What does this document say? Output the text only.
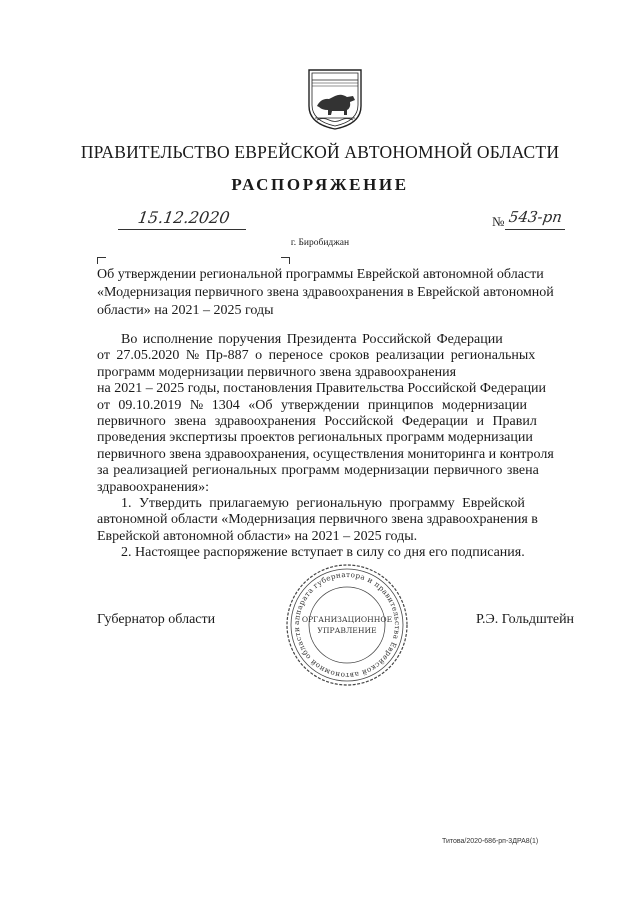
ПРАВИТЕЛЬСТВО ЕВРЕЙСКОЙ АВТОНОМНОЙ ОБЛАСТИ
РАСПОРЯЖЕНИЕ
15.12.2020	№ 543-рп
г. Биробиджан
Об утверждении региональной программы Еврейской автономной области
«Модернизация первичного звена здравоохранения в Еврейской автономной
области» на 2021 – 2025 годы
Во исполнение поручения Президента Российской Федерации
от 27.05.2020 № Пр-887 о переносе сроков реализации региональных
программ модернизации первичного звена здравоохранения
на 2021 – 2025 годы, постановления Правительства Российской Федерации
от 09.10.2019 № 1304 «Об утверждении принципов модернизации
первичного звена здравоохранения Российской Федерации и Правил
проведения экспертизы проектов региональных программ модернизации
первичного звена здравоохранения, осуществления мониторинга и контроля
за реализацией региональных программ модернизации первичного звена
здравоохранения»:
1. Утвердить прилагаемую региональную программу Еврейской
автономной области «Модернизация первичного звена здравоохранения в
Еврейской автономной области» на 2021 – 2025 годы.
2. Настоящее распоряжение вступает в силу со дня его подписания.
Губернатор области	Р.Э. Гольдштейн
аппарата губернатора и правительства Еврейской автономной области
ОРГАНИЗАЦИОННОЕ
УПРАВЛЕНИЕ
Титова/2020-686-рп-3ДРА8(1)
